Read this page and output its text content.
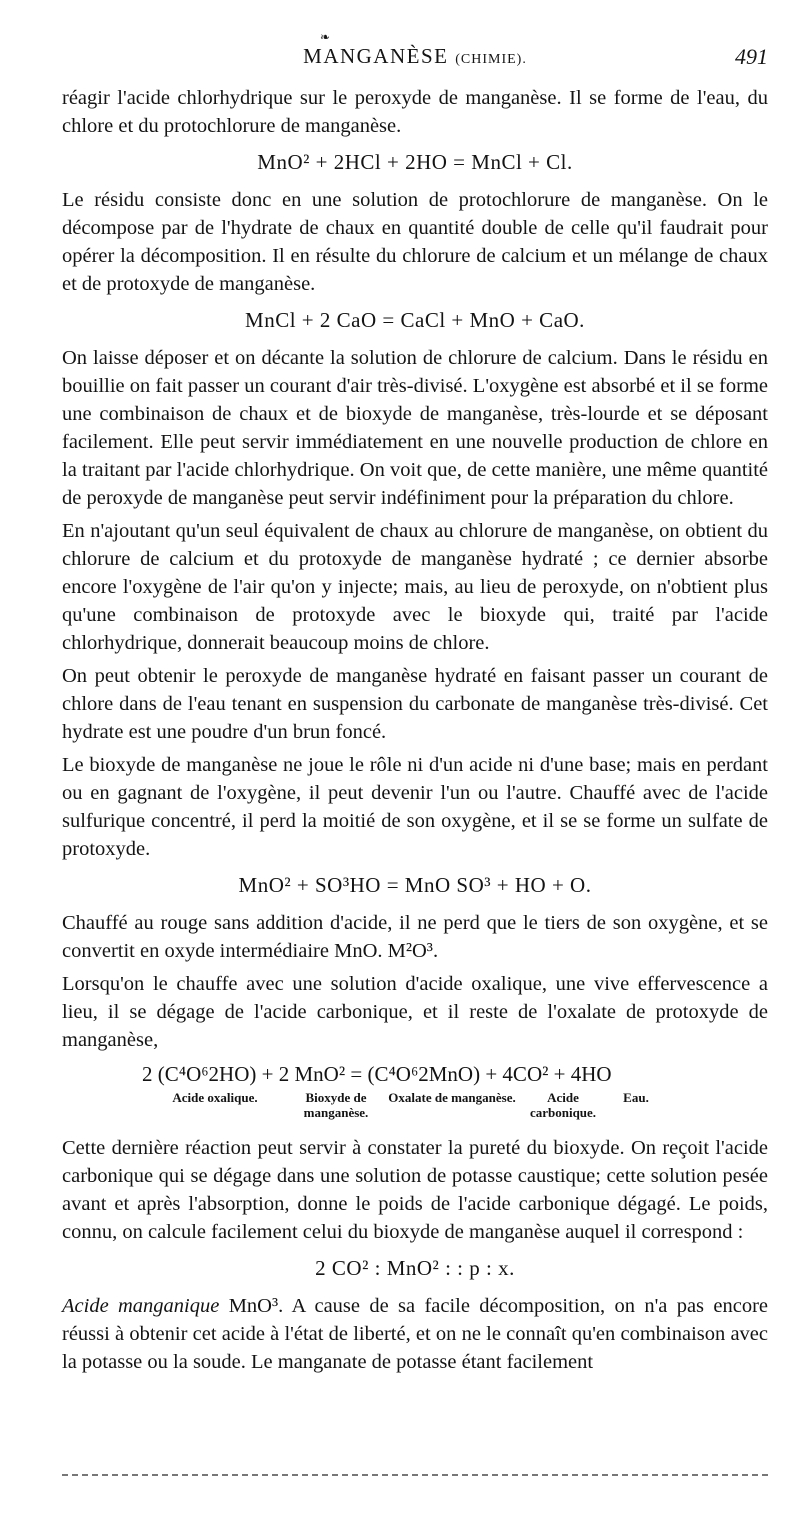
❧
MANGANÈSE (CHIMIE).	491

réagir l'acide chlorhydrique sur le peroxyde de manganèse. Il se forme de l'eau, du chlore et du protochlorure de manganèse.

MnO² + 2HCl + 2HO = MnCl + Cl.

Le résidu consiste donc en une solution de protochlorure de manganèse. On le décompose par de l'hydrate de chaux en quantité double de celle qu'il faudrait pour opérer la décomposition. Il en résulte du chlorure de calcium et un mélange de chaux et de protoxyde de manganèse.

MnCl + 2 CaO = CaCl + MnO + CaO.

On laisse déposer et on décante la solution de chlorure de calcium. Dans le résidu en bouillie on fait passer un courant d'air très-divisé. L'oxygène est absorbé et il se forme une combinaison de chaux et de bioxyde de manganèse, très-lourde et se déposant facilement. Elle peut servir immédiatement en une nouvelle production de chlore en la traitant par l'acide chlorhydrique. On voit que, de cette manière, une même quantité de peroxyde de manganèse peut servir indéfiniment pour la préparation du chlore.

En n'ajoutant qu'un seul équivalent de chaux au chlorure de manganèse, on obtient du chlorure de calcium et du protoxyde de manganèse hydraté ; ce dernier absorbe encore l'oxygène de l'air qu'on y injecte; mais, au lieu de peroxyde, on n'obtient plus qu'une combinaison de protoxyde avec le bioxyde qui, traité par l'acide chlorhydrique, donnerait beaucoup moins de chlore.

On peut obtenir le peroxyde de manganèse hydraté en faisant passer un courant de chlore dans de l'eau tenant en suspension du carbonate de manganèse très-divisé. Cet hydrate est une poudre d'un brun foncé.

Le bioxyde de manganèse ne joue le rôle ni d'un acide ni d'une base; mais en perdant ou en gagnant de l'oxygène, il peut devenir l'un ou l'autre. Chauffé avec de l'acide sulfurique concentré, il perd la moitié de son oxygène, et il se se forme un sulfate de protoxyde.

MnO² + SO³HO = MnO SO³ + HO + O.

Chauffé au rouge sans addition d'acide, il ne perd que le tiers de son oxygène, et se convertit en oxyde intermédiaire MnO. M²O³.

Lorsqu'on le chauffe avec une solution d'acide oxalique, une vive effervescence a lieu, il se dégage de l'acide carbonique, et il reste de l'oxalate de protoxyde de manganèse,

2 (C⁴O⁶2HO) + 2 MnO² = (C⁴O⁶2MnO) + 4CO² + 4HO
Acide oxalique.	Bioxyde de manganèse.
Oxalate de manganèse.	Acide carbonique.
Eau.

Cette dernière réaction peut servir à constater la pureté du bioxyde. On reçoit l'acide carbonique qui se dégage dans une solution de potasse caustique; cette solution pesée avant et après l'absorption, donne le poids de l'acide carbonique dégagé. Le poids, connu, on calcule facilement celui du bioxyde de manganèse auquel il correspond :

2 CO² : MnO² : : p : x.

Acide manganique MnO³. A cause de sa facile décomposition, on n'a pas encore réussi à obtenir cet acide à l'état de liberté, et on ne le connaît qu'en combinaison avec la potasse ou la soude. Le manganate de potasse étant facilement
